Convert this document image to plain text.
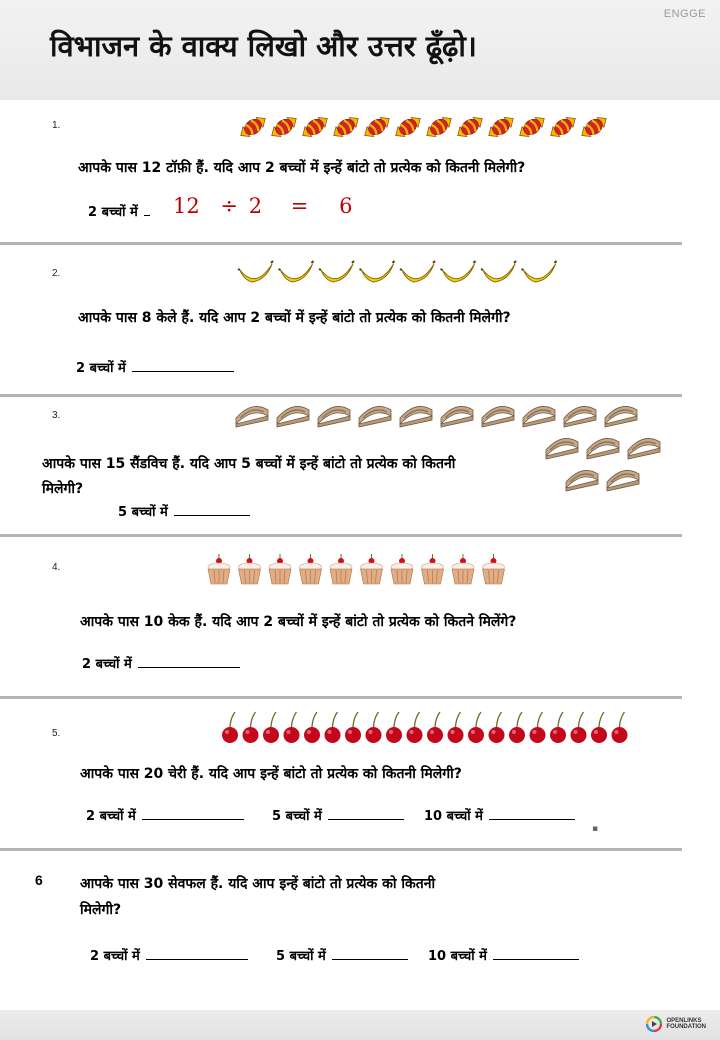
ENGGE
विभाजन के वाक्य लिखो और उत्तर ढूँढ़ो।
1.
आपके पास 12 टॉफ़ी हैं. यदि आप 2 बच्चों में इन्हें बांटो तो प्रत्येक को कितनी मिलेगी?
2 बच्चों में	12 ÷ 2 = 6
2.
आपके पास 8 केले हैं. यदि आप 2 बच्चों में इन्हें बांटो तो प्रत्येक को कितनी मिलेगी?
2 बच्चों में
3.
आपके पास 15 सैंडविच हैं. यदि आप 5 बच्चों में इन्हें बांटो तो प्रत्येक को कितनी
मिलेगी?
5 बच्चों में
4.
आपके पास 10 केक हैं. यदि आप 2 बच्चों में इन्हें बांटो तो प्रत्येक को कितने मिलेंगे?
2 बच्चों में
5.
आपके पास 20 चेरी हैं. यदि आप इन्हें बांटो तो प्रत्येक को कितनी मिलेगी?
2 बच्चों में	5 बच्चों में	10 बच्चों में
▪
6	आपके पास 30 सेवफल हैं. यदि आप इन्हें बांटो तो प्रत्येक को कितनी
मिलेगी?
2 बच्चों में	5 बच्चों में	10 बच्चों में
OPENLINKS
FOUNDATION
